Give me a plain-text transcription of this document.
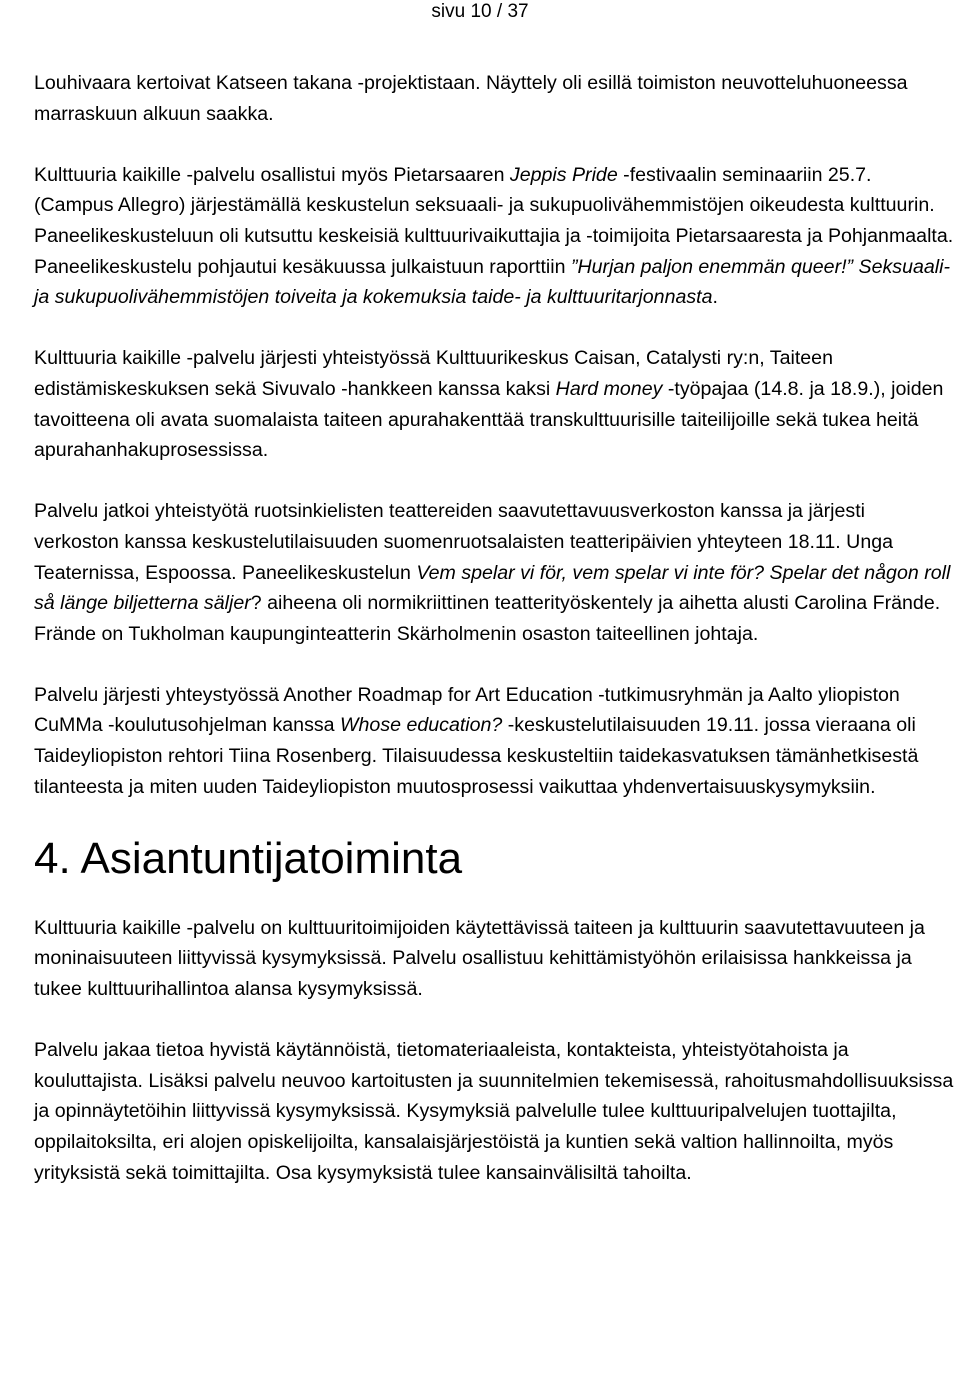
sivu 10 / 37

Louhivaara kertoivat Katseen takana -projektistaan. Näyttely oli esillä toimiston neuvotteluhuoneessa marraskuun alkuun saakka.

Kulttuuria kaikille -palvelu osallistui myös Pietarsaaren Jeppis Pride -festivaalin seminaariin 25.7. (Campus Allegro) järjestämällä keskustelun seksuaali- ja sukupuolivähemmistöjen oikeudesta kulttuurin. Paneelikeskusteluun oli kutsuttu keskeisiä kulttuurivaikuttajia ja -toimijoita Pietarsaaresta ja Pohjanmaalta. Paneelikeskustelu pohjautui kesäkuussa julkaistuun raporttiin ”Hurjan paljon enemmän queer!” Seksuaali- ja sukupuolivähemmistöjen toiveita ja kokemuksia taide- ja kulttuuritarjonnasta.

Kulttuuria kaikille -palvelu järjesti yhteistyössä Kulttuurikeskus Caisan, Catalysti ry:n, Taiteen edistämiskeskuksen sekä Sivuvalo -hankkeen kanssa kaksi Hard money -työpajaa (14.8. ja 18.9.), joiden tavoitteena oli avata suomalaista taiteen apurahakenttää transkulttuurisille taiteilijoille sekä tukea heitä apurahanhakuprosessissa.

Palvelu jatkoi yhteistyötä ruotsinkielisten teattereiden saavutettavuusverkoston kanssa ja järjesti verkoston kanssa keskustelutilaisuuden suomenruotsalaisten teatteripäivien yhteyteen 18.11. Unga Teaternissa, Espoossa. Paneelikeskustelun Vem spelar vi för, vem spelar vi inte för? Spelar det någon roll så länge biljetterna säljer? aiheena oli normikriittinen teatterityöskentely ja aihetta alusti Carolina Frände. Frände on Tukholman kaupunginteatterin Skärholmenin osaston taiteellinen johtaja.

Palvelu järjesti yhteystyössä Another Roadmap for Art Education -tutkimusryhmän ja Aalto yliopiston CuMMa -koulutusohjelman kanssa Whose education? -keskustelutilaisuuden 19.11. jossa vieraana oli Taideyliopiston rehtori Tiina Rosenberg. Tilaisuudessa keskusteltiin taidekasvatuksen tämänhetkisestä tilanteesta ja miten uuden Taideyliopiston muutosprosessi vaikuttaa yhdenvertaisuuskysymyksiin.

4. Asiantuntijatoiminta

Kulttuuria kaikille -palvelu on kulttuuritoimijoiden käytettävissä taiteen ja kulttuurin saavutettavuuteen ja moninaisuuteen liittyvissä kysymyksissä. Palvelu osallistuu kehittämistyöhön erilaisissa hankkeissa ja tukee kulttuurihallintoa alansa kysymyksissä.

Palvelu jakaa tietoa hyvistä käytännöistä, tietomateriaaleista, kontakteista, yhteistyötahoista ja kouluttajista. Lisäksi palvelu neuvoo kartoitusten ja suunnitelmien tekemisessä, rahoitusmahdollisuuksissa ja opinnäytetöihin liittyvissä kysymyksissä. Kysymyksiä palvelulle tulee kulttuuripalvelujen tuottajilta, oppilaitoksilta, eri alojen opiskelijoilta, kansalaisjärjestöistä ja kuntien sekä valtion hallinnoilta, myös yrityksistä sekä toimittajilta. Osa kysymyksistä tulee kansainvälisiltä tahoilta.
